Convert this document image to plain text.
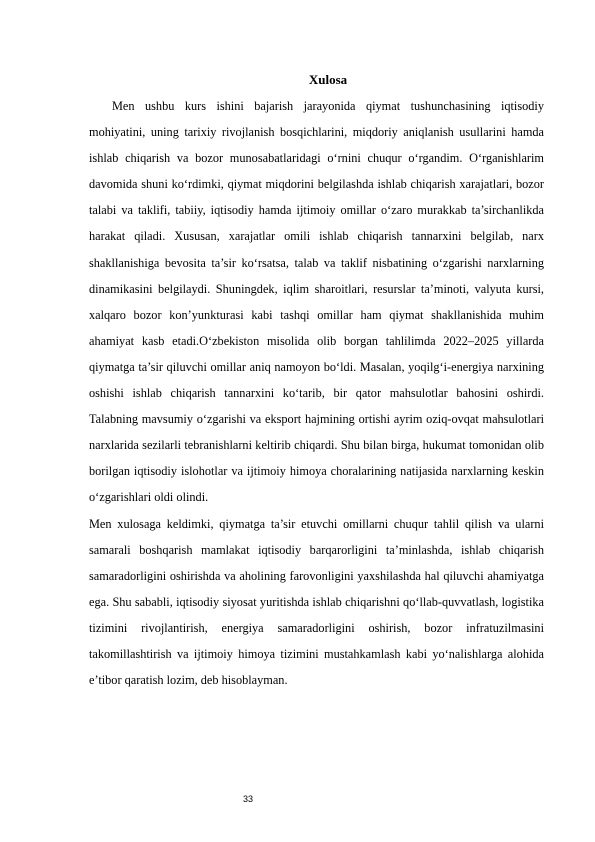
Xulosa

Men ushbu kurs ishini bajarish jarayonida qiymat tushunchasining iqtisodiy mohiyatini, uning tarixiy rivojlanish bosqichlarini, miqdoriy aniqlanish usullarini hamda ishlab chiqarish va bozor munosabatlaridagi o‘rnini chuqur o‘rgandim. O‘rganishlarim davomida shuni ko‘rdimki, qiymat miqdorini belgilashda ishlab chiqarish xarajatlari, bozor talabi va taklifi, tabiiy, iqtisodiy hamda ijtimoiy omillar o‘zaro murakkab ta’sirchanlikda harakat qiladi. Xususan, xarajatlar omili ishlab chiqarish tannarxini belgilab, narx shakllanishiga bevosita ta’sir ko‘rsatsa, talab va taklif nisbatining o‘zgarishi narxlarning dinamikasini belgilaydi. Shuningdek, iqlim sharoitlari, resurslar ta’minoti, valyuta kursi, xalqaro bozor kon’yunkturasi kabi tashqi omillar ham qiymat shakllanishida muhim ahamiyat kasb etadi.O‘zbekiston misolida olib borgan tahlilimda 2022–2025 yillarda qiymatga ta’sir qiluvchi omillar aniq namoyon bo‘ldi. Masalan, yoqilg‘i-energiya narxining oshishi ishlab chiqarish tannarxini ko‘tarib, bir qator mahsulotlar bahosini oshirdi. Talabning mavsumiy o‘zgarishi va eksport hajmining ortishi ayrim oziq-ovqat mahsulotlari narxlarida sezilarli tebranishlarni keltirib chiqardi. Shu bilan birga, hukumat tomonidan olib borilgan iqtisodiy islohotlar va ijtimoiy himoya choralarining natijasida narxlarning keskin o‘zgarishlari oldi olindi.

Men xulosaga keldimki, qiymatga ta’sir etuvchi omillarni chuqur tahlil qilish va ularni samarali boshqarish mamlakat iqtisodiy barqarorligini ta’minlashda, ishlab chiqarish samaradorligini oshirishda va aholining farovonligini yaxshilashda hal qiluvchi ahamiyatga ega. Shu sababli, iqtisodiy siyosat yuritishda ishlab chiqarishni qo‘llab-quvvatlash, logistika tizimini rivojlantirish, energiya samaradorligini oshirish, bozor infratuzilmasini takomillashtirish va ijtimoiy himoya tizimini mustahkamlash kabi yo‘nalishlarga alohida e’tibor qaratish lozim, deb hisoblayman.

33
